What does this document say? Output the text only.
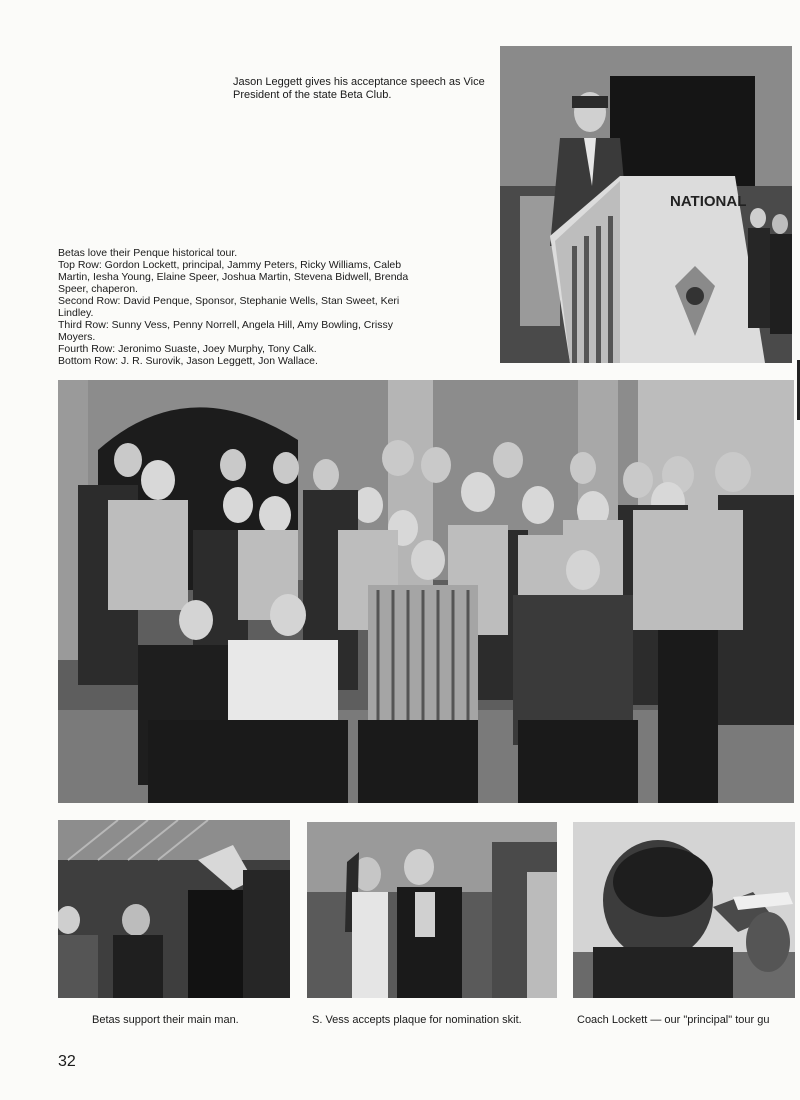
NATIONAL
Jason Leggett gives his acceptance speech as Vice President of the state Beta Club.
Betas love their Penque historical tour.
Top Row: Gordon Lockett, principal, Jammy Peters, Ricky Williams, Caleb
Martin, Iesha Young, Elaine Speer, Joshua Martin, Stevena Bidwell, Brenda
Speer, chaperon.
Second Row: David Penque, Sponsor, Stephanie Wells, Stan Sweet, Keri
Lindley.
Third Row: Sunny Vess, Penny Norrell, Angela Hill, Amy Bowling, Crissy
Moyers.
Fourth Row: Jeronimo Suaste, Joey Murphy, Tony Calk.
Bottom Row: J. R. Surovik, Jason Leggett, Jon Wallace.
Betas support their main man.	S. Vess accepts plaque for nomination skit.	Coach Lockett — our "principal" tour gu
32
